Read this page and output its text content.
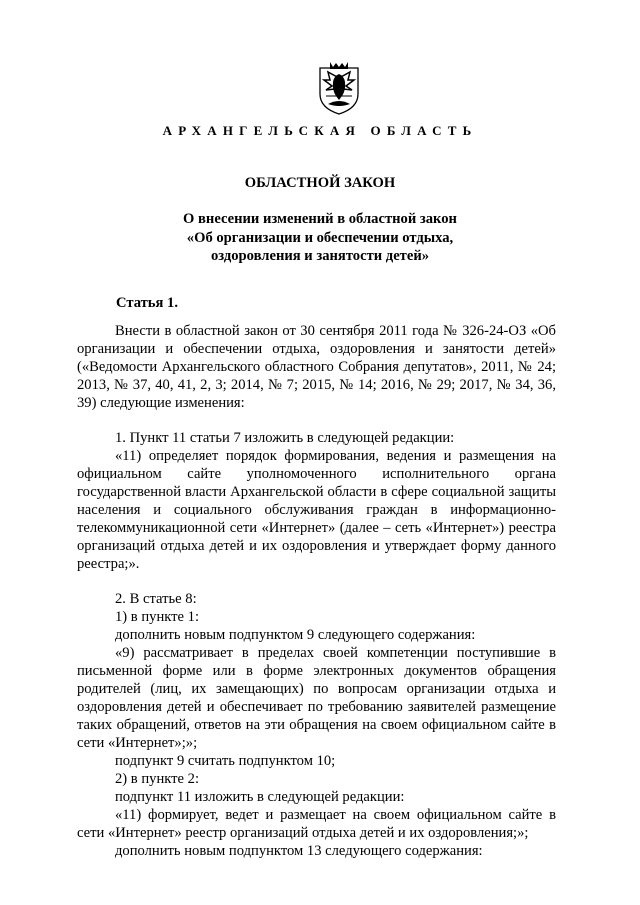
АРХАНГЕЛЬСКАЯ ОБЛАСТЬ
ОБЛАСТНОЙ ЗАКОН
О внесении изменений в областной закон
«Об организации и обеспечении отдыха,
оздоровления и занятости детей»
Статья 1.

Внести в областной закон от 30 сентября 2011 года № 326-24-ОЗ «Об организации и обеспечении отдыха, оздоровления и занятости детей» («Ведомости Архангельского областного Собрания депутатов», 2011, № 24; 2013, № 37, 40, 41, 2, 3; 2014, № 7; 2015, № 14; 2016, № 29; 2017, № 34, 36, 39) следующие изменения:

1. Пункт 11 статьи 7 изложить в следующей редакции:

«11) определяет порядок формирования, ведения и размещения на официальном сайте уполномоченного исполнительного органа государственной власти Архангельской области в сфере социальной защиты населения и социального обслуживания граждан в информационно-телекоммуникационной сети «Интернет» (далее – сеть «Интернет») реестра организаций отдыха детей и их оздоровления и утверждает форму данного реестра;».

2. В статье 8:

1) в пункте 1:

дополнить новым подпунктом 9 следующего содержания:

«9) рассматривает в пределах своей компетенции поступившие в письменной форме или в форме электронных документов обращения родителей (лиц, их замещающих) по вопросам организации отдыха и оздоровления детей и обеспечивает по требованию заявителей размещение таких обращений, ответов на эти обращения на своем официальном сайте в сети «Интернет»;»;

подпункт 9 считать подпунктом 10;

2) в пункте 2:

подпункт 11 изложить в следующей редакции:

«11) формирует, ведет и размещает на своем официальном сайте в сети «Интернет» реестр организаций отдыха детей и их оздоровления;»;

дополнить новым подпунктом 13 следующего содержания:
